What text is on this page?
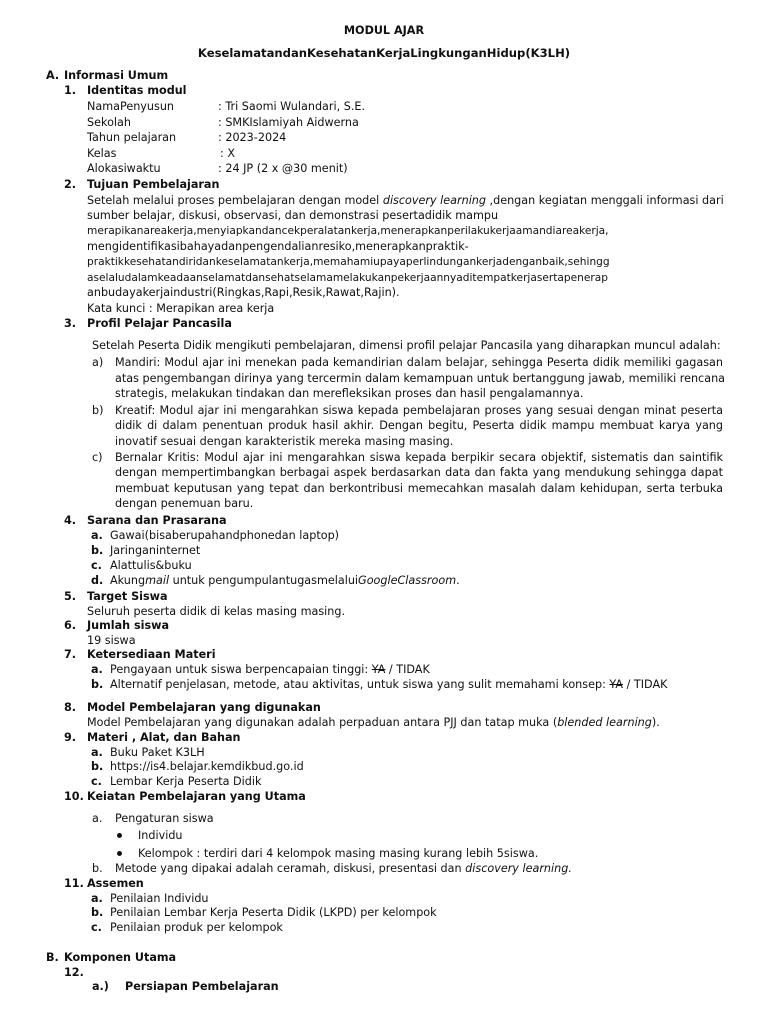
MODUL AJAR
KeselamatandanKesehatanKerjaLingkunganHidup(K3LH)
A. Informasi Umum
1. Identitas modul
NamaPenyusun	: Tri Saomi Wulandari, S.E.
Sekolah	: SMKIslamiyah Aidwerna
Tahun pelajaran	: 2023-2024
Kelas	: X
Alokasiwaktu	: 24 JP (2 x @30 menit)
2. Tujuan Pembelajaran
Setelah melalui proses pembelajaran dengan model discovery learning ,dengan kegiatan menggali informasi dari
sumber belajar, diskusi, observasi, dan demonstrasi pesertadidik mampu
merapikanareakerja,menyiapkandancekperalatankerja,menerapkanperilakukerjaamandiareakerja,
mengidentifikasibahayadanpengendalianresiko,menerapkanpraktik-
praktikkesehatandiridankeselamatankerja,memahamiupayaperlindungankerjadenganbaik,sehingg
aselaludalamkeadaanselamatdansehatselamamelakukanpekerjaannyaditempatkerjasertapenerap
anbudayakerjaindustri(Ringkas,Rapi,Resik,Rawat,Rajin).
Kata kunci : Merapikan area kerja
3. Profil Pelajar Pancasila
Setelah Peserta Didik mengikuti pembelajaran, dimensi profil pelajar Pancasila yang diharapkan muncul adalah:
a) Mandiri: Modul ajar ini menekan pada kemandirian dalam belajar, sehingga Peserta didik memiliki gagasan
atas pengembangan dirinya yang tercermin dalam kemampuan untuk bertanggung jawab, memiliki rencana
strategis, melakukan tindakan dan merefleksikan proses dan hasil pengalamannya.
b) Kreatif: Modul ajar ini mengarahkan siswa kepada pembelajaran proses yang sesuai dengan minat peserta
didik di dalam penentuan produk hasil akhir. Dengan begitu, Peserta didik mampu membuat karya yang
inovatif sesuai dengan karakteristik mereka masing masing.
c) Bernalar Kritis: Modul ajar ini mengarahkan siswa kepada berpikir secara objektif, sistematis dan saintifik
dengan mempertimbangkan berbagai aspek berdasarkan data dan fakta yang mendukung sehingga dapat
membuat keputusan yang tepat dan berkontribusi memecahkan masalah dalam kehidupan, serta terbuka
dengan penemuan baru.
4. Sarana dan Prasarana
a. Gawai(bisaberupahandphonedan laptop)
b. Jaringaninternet
c. Alattulis&buku
d. Akungmail untuk pengumpulantugasmelaluiGoogleClassroom.
5. Target Siswa
Seluruh peserta didik di kelas masing masing.
6. Jumlah siswa
19 siswa
7. Ketersediaan Materi
a. Pengayaan untuk siswa berpencapaian tinggi: YA / TIDAK
b. Alternatif penjelasan, metode, atau aktivitas, untuk siswa yang sulit memahami konsep: YA / TIDAK
8. Model Pembelajaran yang digunakan
Model Pembelajaran yang digunakan adalah perpaduan antara PJJ dan tatap muka (blended learning).
9. Materi , Alat, dan Bahan
a. Buku Paket K3LH
b. https://is4.belajar.kemdikbud.go.id
c. Lembar Kerja Peserta Didik
10. Keiatan Pembelajaran yang Utama
a. Pengaturan siswa
Individu
Kelompok : terdiri dari 4 kelompok masing masing kurang lebih 5siswa.
b. Metode yang dipakai adalah ceramah, diskusi, presentasi dan discovery learning.
11. Assemen
a. Penilaian Individu
b. Penilaian Lembar Kerja Peserta Didik (LKPD) per kelompok
c. Penilaian produk per kelompok
B. Komponen Utama
12.
a.) Persiapan Pembelajaran
